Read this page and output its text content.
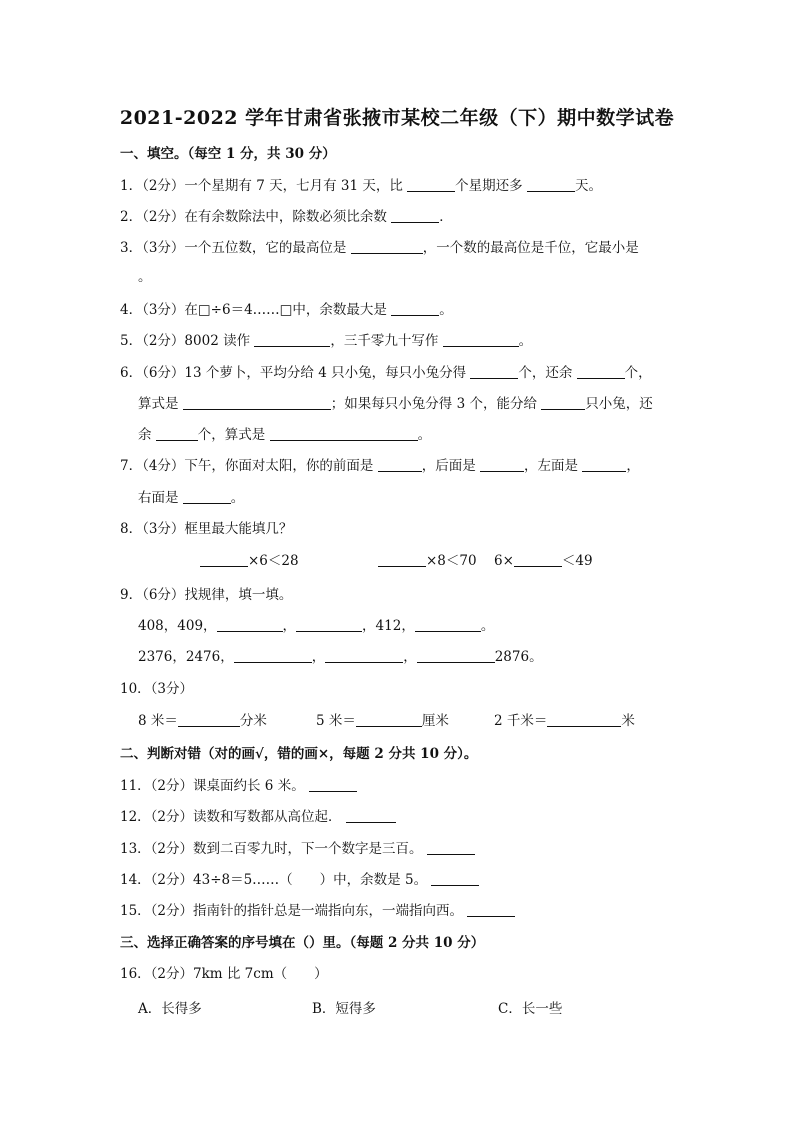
2021-2022 学年甘肃省张掖市某校二年级（下）期中数学试卷
一、填空。（每空 1 分，共 30 分）
1．（2分）一个星期有 7 天，七月有 31 天，比	个星期还多	天。
2．（2分）在有余数除法中，除数必须比余数	．
3．（3分）一个五位数，它的最高位是	，一个数的最高位是千位，它最小是
。
4．（3分）在□÷6＝4……□中，余数最大是	。
5．（2分）8002 读作	，三千零九十写作	。
6．（6分）13 个萝卜，平均分给 4 只小兔，每只小兔分得	个，还余	个，
算式是	；如果每只小兔分得 3 个，能分给	只小兔，还
余	个，算式是	。
7．（4分）下午，你面对太阳，你的前面是	，后面是	，左面是	，
右面是	。
8．（3分）框里最大能填几？
×6＜28	×8＜70 6×	＜49
9．（6分）找规律，填一填。
408，409，	，	，412，	。
2376，2476，	，	，	2876。
10．（3分）
8 米＝	分米	5 米＝	厘米	2 千米＝	米
二、判断对错（对的画√，错的画×，每题 2 分共 10 分）。
11．（2分）课桌面约长 6 米。
12．（2分）读数和写数都从高位起．
13．（2分）数到二百零九时，下一个数字是三百。
14．（2分）43÷8＝5……（　　）中，余数是 5。
15．（2分）指南针的指针总是一端指向东，一端指向西。
三、选择正确答案的序号填在（）里。（每题 2 分共 10 分）
16．（2分）7km 比 7cm（　　）
A．长得多	B．短得多	C．长一些
